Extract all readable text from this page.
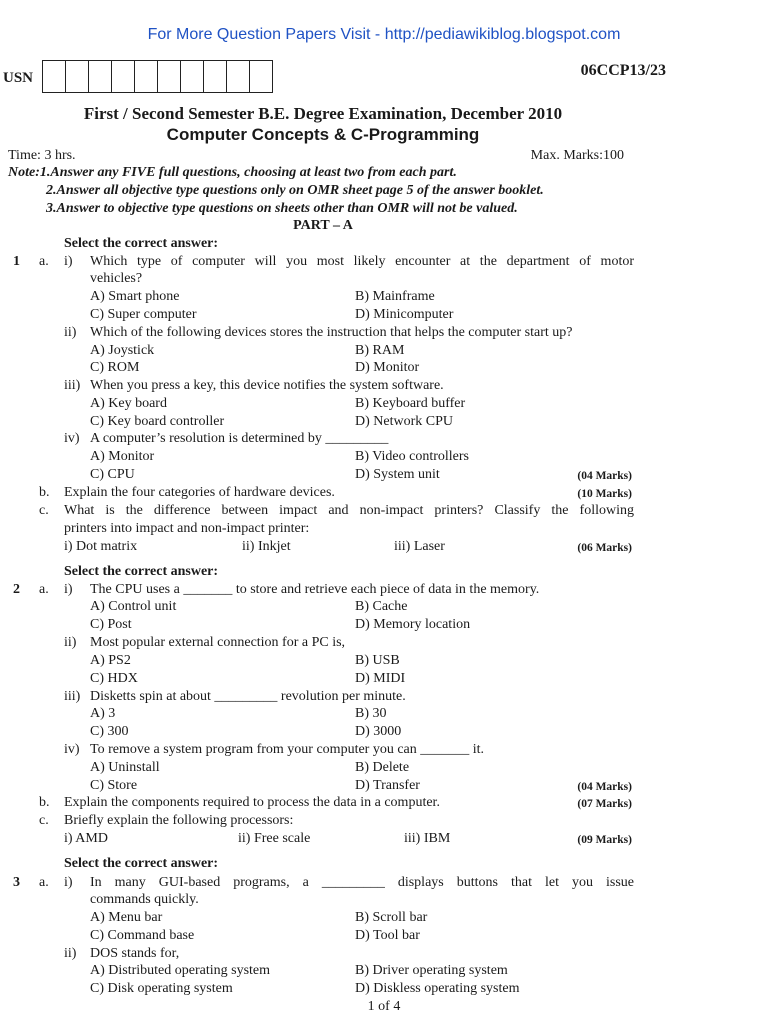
For More Question Papers Visit - http://pediawikiblog.blogspot.com
USN	06CCP13/23
First / Second Semester B.E. Degree Examination, December 2010
Computer Concepts & C-Programming
Time: 3 hrs.	Max. Marks:100
Note:1.Answer any FIVE full questions, choosing at least two from each part.
2.Answer all objective type questions only on OMR sheet page 5 of the answer booklet.
3.Answer to objective type questions on sheets other than OMR will not be valued.
PART – A
Select the correct answer:
1 a. i) Which type of computer will you most likely encounter at the department of motor
vehicles?
A) Smart phone	B) Mainframe
C) Super computer	D) Minicomputer
ii) Which of the following devices stores the instruction that helps the computer start up?
A) Joystick	B) RAM
C) ROM	D) Monitor
iii) When you press a key, this device notifies the system software.
A) Key board	B) Keyboard buffer
C) Key board controller	D) Network CPU
iv) A computer’s resolution is determined by _________
A) Monitor	B) Video controllers
C) CPU	D) System unit	(04 Marks)
b. Explain the four categories of hardware devices.	(10 Marks)
c. What is the difference between impact and non-impact printers? Classify the following
printers into impact and non-impact printer:
i) Dot matrix	ii) Inkjet	iii) Laser	(06 Marks)
Select the correct answer:
2 a. i) The CPU uses a _______ to store and retrieve each piece of data in the memory.
A) Control unit	B) Cache
C) Post	D) Memory location
ii) Most popular external connection for a PC is,
A) PS2	B) USB
C) HDX	D) MIDI
iii) Disketts spin at about _________ revolution per minute.
A) 3	B) 30
C) 300	D) 3000
iv) To remove a system program from your computer you can _______ it.
A) Uninstall	B) Delete
C) Store	D) Transfer	(04 Marks)
b. Explain the components required to process the data in a computer.	(07 Marks)
c. Briefly explain the following processors:
i) AMD	ii) Free scale	iii) IBM	(09 Marks)
Select the correct answer:
3 a. i) In many GUI-based programs, a _________ displays buttons that let you issue
commands quickly.
A) Menu bar	B) Scroll bar
C) Command base	D) Tool bar
ii) DOS stands for,
A) Distributed operating system	B) Driver operating system
C) Disk operating system	D) Diskless operating system
1 of 4
